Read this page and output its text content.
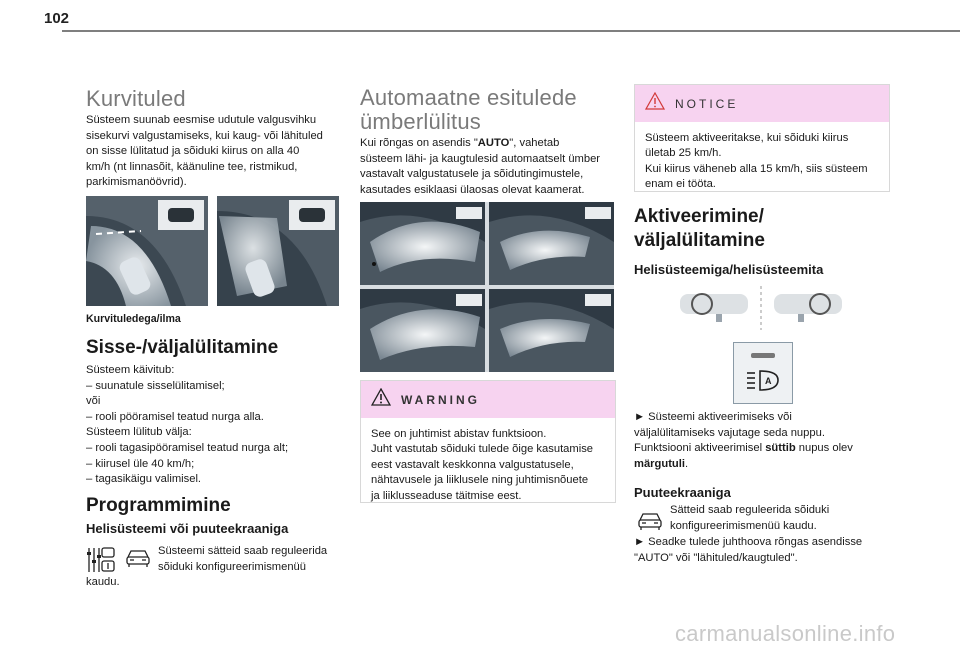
102
Kurvituled

Süsteem suunab eesmise udutule valgusvihku

sisekurvi valgustamiseks, kui kaug- või lähituled

on sisse lülitatud ja sõiduki kiirus on alla 40

km/h (nt linnasõit, käänuline tee, ristmikud,

parkimismanöövrid).

Kurvituledega/ilma
Sisse-/väljalülitamine

Süsteem käivitub:

– suunatule sisselülitamisel;

või

– rooli pööramisel teatud nurga alla.

Süsteem lülitub välja:

– rooli tagasipööramisel teatud nurga alt;

– kiirusel üle 40 km/h;

– tagasikäigu valimisel.

Programmimine
Helisüsteemi või puuteekraaniga

Süsteemi sätteid saab reguleerida

sõiduki konfigureerimismenüü

kaudu.
Automaatne esitulede
ümberlülitus

Kui rõngas on asendis "AUTO", vahetab

süsteem lähi- ja kaugtulesid automaatselt ümber

vastavalt valgustatusele ja sõidutingimustele,

kasutades esiklaasi ülaosas olevat kaamerat.

WARNING
See on juhtimist abistav funktsioon.
Juht vastutab sõiduki tulede õige kasutamise
eest vastavalt keskkonna valgustatusele,
nähtavusele ja liiklusele ning juhtimisnõuete
ja liiklusseaduse täitmise eest.
NOTICE
Süsteem aktiveeritakse, kui sõiduki kiirus
ületab 25 km/h.
Kui kiirus väheneb alla 15 km/h, siis süsteem
enam ei tööta.
Aktiveerimine/
väljalülitamine
Helisüsteemiga/helisüsteemita
A

► Süsteemi aktiveerimiseks või

väljalülitamiseks vajutage seda nuppu.

Funktsiooni aktiveerimisel süttib nupus olev

märgutuli.

Puuteekraaniga

Sätteid saab reguleerida sõiduki

konfigureerimismenüü kaudu.

► Seadke tulede juhthoova rõngas asendisse

"AUTO" või "lähituled/kaugtuled".

carmanualsonline.info
